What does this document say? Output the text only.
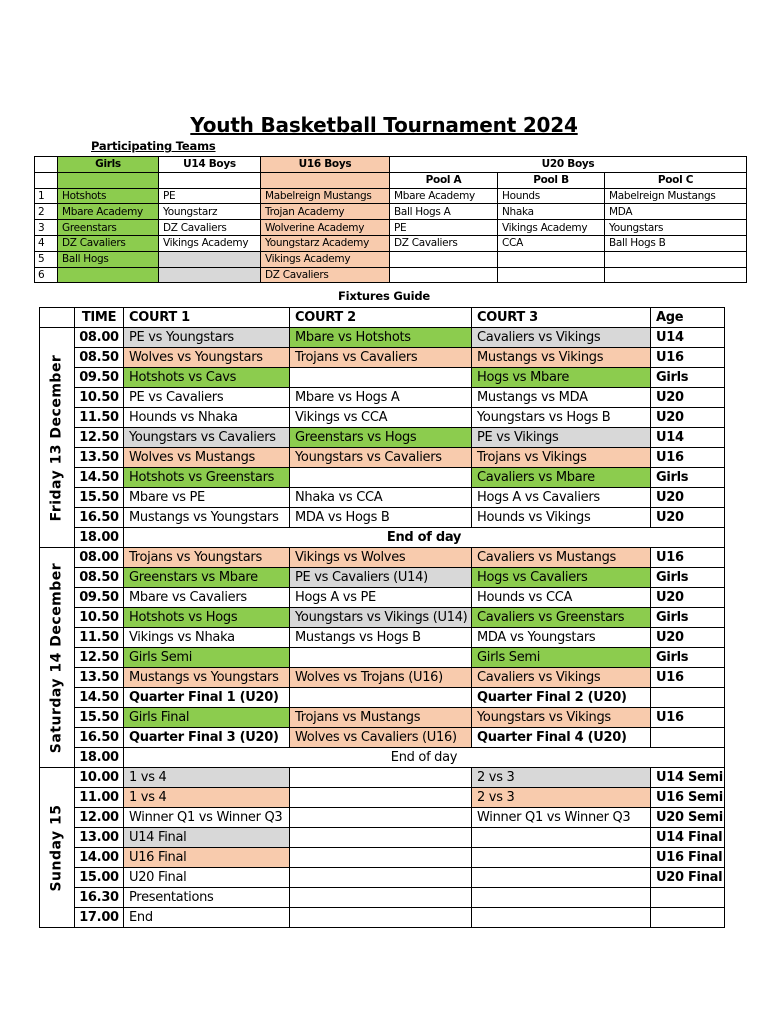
Youth Basketball Tournament 2024
Participating Teams
	Girls	U14 Boys	U16 Boys	U20 Boys		
				Pool A	Pool B	Pool C
1	Hotshots	PE	Mabelreign Mustangs	Mbare Academy	Hounds	Mabelreign Mustangs
2	Mbare Academy	Youngstarz	Trojan Academy	Ball Hogs A	Nhaka	MDA
3	Greenstars	DZ Cavaliers	Wolverine Academy	PE	Vikings Academy	Youngstars
4	DZ Cavaliers	Vikings Academy	Youngstarz Academy	DZ Cavaliers	CCA	Ball Hogs B
5	Ball Hogs		Vikings Academy			
6			DZ Cavaliers			
Fixtures Guide
	TIME	COURT 1	COURT 2	COURT 3	Age

Friday 13 December	08.00	PE vs Youngstars	Mbare vs Hotshots	Cavaliers vs Vikings	U14
	08.50	Wolves vs Youngstars	Trojans vs Cavaliers	Mustangs vs Vikings	U16
	09.50	Hotshots vs Cavs		Hogs vs Mbare	Girls
	10.50	PE vs Cavaliers	Mbare vs Hogs A	Mustangs vs MDA	U20
	11.50	Hounds vs Nhaka	Vikings vs CCA	Youngstars vs Hogs B	U20
	12.50	Youngstars vs Cavaliers	Greenstars vs Hogs	PE vs Vikings	U14
	13.50	Wolves vs Mustangs	Youngstars vs Cavaliers	Trojans vs Vikings	U16
	14.50	Hotshots vs Greenstars		Cavaliers vs Mbare	Girls
	15.50	Mbare vs PE	Nhaka vs CCA	Hogs A vs Cavaliers	U20
	16.50	Mustangs vs Youngstars	MDA vs Hogs B	Hounds vs Vikings	U20
	18.00	End of day			

Saturday 14 December	08.00	Trojans vs Youngstars	Vikings vs Wolves	Cavaliers vs Mustangs	U16
	08.50	Greenstars vs Mbare	PE vs Cavaliers (U14)	Hogs vs Cavaliers	Girls
	09.50	Mbare vs Cavaliers	Hogs A vs PE	Hounds vs CCA	U20
	10.50	Hotshots vs Hogs	Youngstars vs Vikings (U14)	Cavaliers vs Greenstars	Girls
	11.50	Vikings vs Nhaka	Mustangs vs Hogs B	MDA vs Youngstars	U20
	12.50	Girls Semi		Girls Semi	Girls
	13.50	Mustangs vs Youngstars	Wolves vs Trojans (U16)	Cavaliers vs Vikings	U16
	14.50	Quarter Final 1 (U20)		Quarter Final 2 (U20)	
	15.50	Girls Final	Trojans vs Mustangs	Youngstars vs Vikings	U16
	16.50	Quarter Final 3 (U20)	Wolves vs Cavaliers (U16)	Quarter Final 4 (U20)	
	18.00	End of day			

Sunday 15	10.00	1 vs 4		2 vs 3	U14 Semi
	11.00	1 vs 4		2 vs 3	U16 Semi
	12.00	Winner Q1 vs Winner Q3		Winner Q1 vs Winner Q3	U20 Semi
	13.00	U14 Final			U14 Final
	14.00	U16 Final			U16 Final
	15.00	U20 Final			U20 Final
	16.30	Presentations			
	17.00	End			
